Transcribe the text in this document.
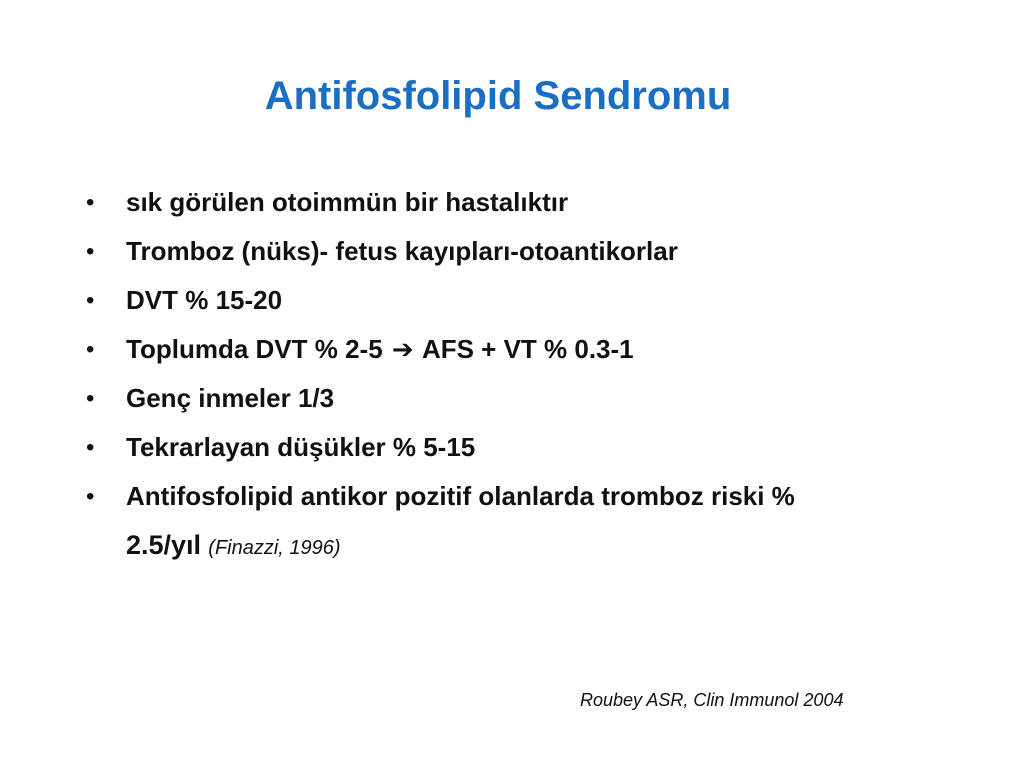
Antifosfolipid Sendromu
• sık görülen otoimmün bir hastalıktır
• Tromboz (nüks)- fetus kayıpları-otoantikorlar
• DVT % 15-20
• Toplumda DVT % 2-5 ➔ AFS + VT % 0.3-1
• Genç inmeler 1/3
• Tekrarlayan düşükler % 5-15
• Antifosfolipid antikor pozitif olanlarda tromboz riski %
2.5/yıl (Finazzi, 1996)
Roubey ASR, Clin Immunol 2004
